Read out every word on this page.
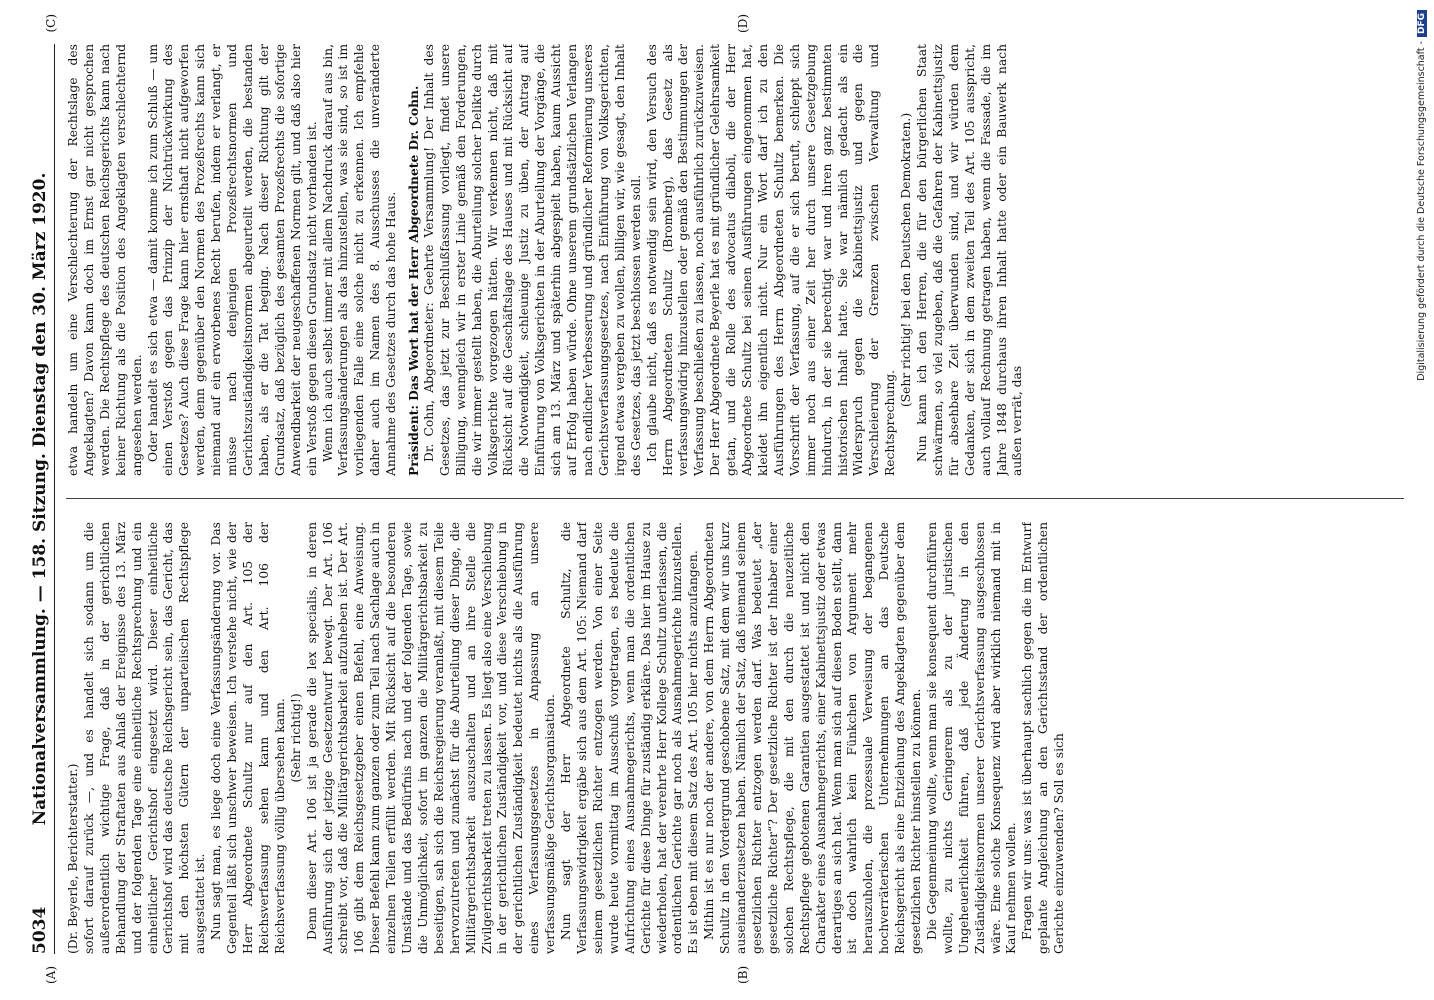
5034
Nationalversammlung. — 158. Sitzung. Dienstag den 30. März 1920.
(A)	(B)
(C)	(D)

(Dr. Beyerle, Berichterstatter.) sofort darauf zurück —, und es handelt sich sodann um die außerordentlich wichtige Frage, daß in der gerichtlichen Behandlung der Straftaten aus Anlaß der Ereignisse des 13. März und der folgenden Tage eine einheitliche Rechtsprechung und ein einheitlicher Gerichtshof eingesetzt wird. Dieser einheitliche Gerichtshof wird das deutsche Reichsgericht sein, das Gericht, das mit den höchsten Gütern der unparteiischen Rechtspflege ausgestattet ist. Nun sagt man, es liege doch eine Verfassungsänderung vor. Das Gegenteil läßt sich unschwer beweisen. Ich verstehe nicht, wie der Herr Abgeordnete Schultz nur auf den Art. 105 der Reichsverfassung sehen kann und den Art. 106 der Reichsverfassung völlig übersehen kann. (Sehr richtig!) Denn dieser Art. 106 ist ja gerade die lex specialis, in deren Ausführung sich der jetzige Gesetzentwurf bewegt. Der Art. 106 schreibt vor, daß die Militärgerichtsbarkeit aufzuheben ist. Der Art. 106 gibt dem Reichsgesetzgeber einen Befehl, eine Anweisung. Dieser Befehl kann zum ganzen oder zum Teil nach Sachlage auch in einzelnen Teilen erfüllt werden. Mit Rücksicht auf die besonderen Umstände und das Bedürfnis nach und der folgenden Tage, sowie die Unmöglichkeit, sofort im ganzen die Militärgerichtsbarkeit zu beseitigen, sah sich die Reichsregierung veranlaßt, mit diesem Teile hervorzutreten und zunächst für die Aburteilung dieser Dinge, die Militärgerichtsbarkeit auszuschalten und an ihre Stelle die Zivilgerichtsbarkeit treten zu lassen. Es liegt also eine Verschiebung in der gerichtlichen Zuständigkeit vor, und diese Verschiebung in der gerichtlichen Zuständigkeit bedeutet nichts als die Ausführung eines Verfassungsgesetzes in Anpassung an unsere verfassungsmäßige Gerichtsorganisation. Nun sagt der Herr Abgeordnete Schultz, die Verfassungswidrigkeit ergäbe sich aus dem Art. 105: Niemand darf seinem gesetzlichen Richter entzogen werden. Von einer Seite wurde heute vormittag im Ausschuß vorgetragen, es bedeute die Aufrichtung eines Ausnahmegerichts, wenn man die ordentlichen Gerichte für diese Dinge für zuständig erkläre. Das hier im Hause zu wiederholen, hat der verehrte Herr Kollege Schultz unterlassen, die ordentlichen Gerichte gar noch als Ausnahmegerichte hinzustellen. Es ist eben mit diesem Satz des Art. 105 hier nichts anzufangen. Mithin ist es nur noch der andere, von dem Herrn Abgeordneten Schultz in den Vordergrund geschobene Satz, mit dem wir uns kurz auseinanderzusetzen haben. Nämlich der Satz, daß niemand seinem gesetzlichen Richter entzogen werden darf. Was bedeutet „der gesetzliche Richter“? Der gesetzliche Richter ist der Inhaber einer solchen Rechtspflege, die mit den durch die neuzeitliche Rechtspflege gebotenen Garantien ausgestattet ist und nicht den Charakter eines Ausnahmegerichts, einer Kabinettsjustiz oder etwas derartiges an sich hat. Wenn man sich auf diesen Boden stellt, dann ist doch wahrlich kein Fünkchen von Argument mehr herauszuholen, die prozessuale Verweisung der begangenen hochverräterischen Unternehmungen an das Deutsche Reichsgericht als eine Entziehung des Angeklagten gegenüber dem gesetzlichen Richter hinstellen zu können. Die Gegenmeinung wollte, wenn man sie konsequent durchführen wollte, zu nichts Geringerem als zu der juristischen Ungeheuerlichkeit führen, daß jede Änderung in den Zuständigkeitsnormen unserer Gerichtsverfassung ausgeschlossen wäre. Eine solche Konsequenz wird aber wirklich niemand mit in Kauf nehmen wollen. Fragen wir uns: was ist überhaupt sachlich gegen die im Entwurf geplante Angleichung an den Gerichtsstand der ordentlichen Gerichte einzuwenden? Soll es sich

etwa handeln um eine Verschlechterung der Rechtslage des Angeklagten? Davon kann doch im Ernst gar nicht gesprochen werden. Die Rechtspflege des deutschen Reichsgerichts kann nach keiner Richtung als die Position des Angeklagten verschlechternd angesehen werden. Oder handelt es sich etwa — damit komme ich zum Schluß — um einen Verstoß gegen das Prinzip der Nichtrückwirkung des Gesetzes? Auch diese Frage kann hier ernsthaft nicht aufgeworfen werden, denn gegenüber den Normen des Prozeßrechts kann sich niemand auf ein erworbenes Recht berufen, indem er verlangt, er müsse nach denjenigen Prozeßrechtsnormen und Gerichtszuständigkeitsnormen abgeurteilt werden, die bestanden haben, als er die Tat beging. Nach dieser Richtung gilt der Grundsatz, daß bezüglich des gesamten Prozeßrechts die sofortige Anwendbarkeit der neugeschaffenen Normen gilt, und daß also hier ein Verstoß gegen diesen Grundsatz nicht vorhanden ist. Wenn ich auch selbst immer mit allem Nachdruck darauf aus bin, Verfassungsänderungen als das hinzustellen, was sie sind, so ist im vorliegenden Falle eine solche nicht zu erkennen. Ich empfehle daher auch im Namen des 8. Ausschusses die unveränderte Annahme des Gesetzes durch das hohe Haus. Präsident: Das Wort hat der Herr Abgeordnete Dr. Cohn. Dr. Cohn, Abgeordneter: Geehrte Versammlung! Der Inhalt des Gesetzes, das jetzt zur Beschlußfassung vorliegt, findet unsere Billigung, wenngleich wir in erster Linie gemäß den Forderungen, die wir immer gestellt haben, die Aburteilung solcher Delikte durch Volksgerichte vorgezogen hätten. Wir verkennen nicht, daß mit Rücksicht auf die Geschäftslage des Hauses und mit Rücksicht auf die Notwendigkeit, schleunige Justiz zu üben, der Antrag auf Einführung von Volksgerichten in der Aburteilung der Vorgänge, die sich am 13. März und späterhin abgespielt haben, kaum Aussicht auf Erfolg haben würde. Ohne unserem grundsätzlichen Verlangen nach endlicher Verbesserung und gründlicher Reformierung unseres Gerichtsverfassungsgesetzes, nach Einführung von Volksgerichten, irgend etwas vergeben zu wollen, billigen wir, wie gesagt, den Inhalt des Gesetzes, das jetzt beschlossen werden soll. Ich glaube nicht, daß es notwendig sein wird, den Versuch des Herrn Abgeordneten Schultz (Bromberg), das Gesetz als verfassungswidrig hinzustellen oder gemäß den Bestimmungen der Verfassung beschließen zu lassen, noch ausführlich zurückzuweisen. Der Herr Abgeordnete Beyerle hat es mit gründlicher Gelehrsamkeit getan, und die Rolle des advocatus diaboli, die der Herr Abgeordnete Schultz bei seinen Ausführungen eingenommen hat, kleidet ihn eigentlich nicht. Nur ein Wort darf ich zu den Ausführungen des Herrn Abgeordneten Schultz bemerken. Die Vorschrift der Verfassung, auf die er sich beruft, schleppt sich immer noch aus einer Zeit her durch unsere Gesetzgebung hindurch, in der sie berechtigt war und ihren ganz bestimmten historischen Inhalt hatte. Sie war nämlich gedacht als ein Widerspruch gegen die Kabinettsjustiz und gegen die Verschleierung der Grenzen zwischen Verwaltung und Rechtsprechung.

(Sehr richtig! bei den Deutschen Demokraten.) Nun kann ich den Herren, die für den bürgerlichen Staat schwärmen, so viel zugeben, daß die Gefahren der Kabinettsjustiz für absehbare Zeit überwunden sind, und wir würden dem Gedanken, der sich in dem zweiten Teil des Art. 105 ausspricht, auch vollauf Rechnung getragen haben, wenn die Fassade, die im Jahre 1848 durchaus ihren Inhalt hatte oder ein Bauwerk nach außen verrät, das

Digitalisierung gefördert durch die Deutsche Forschungsgemeinschaft -DFG
